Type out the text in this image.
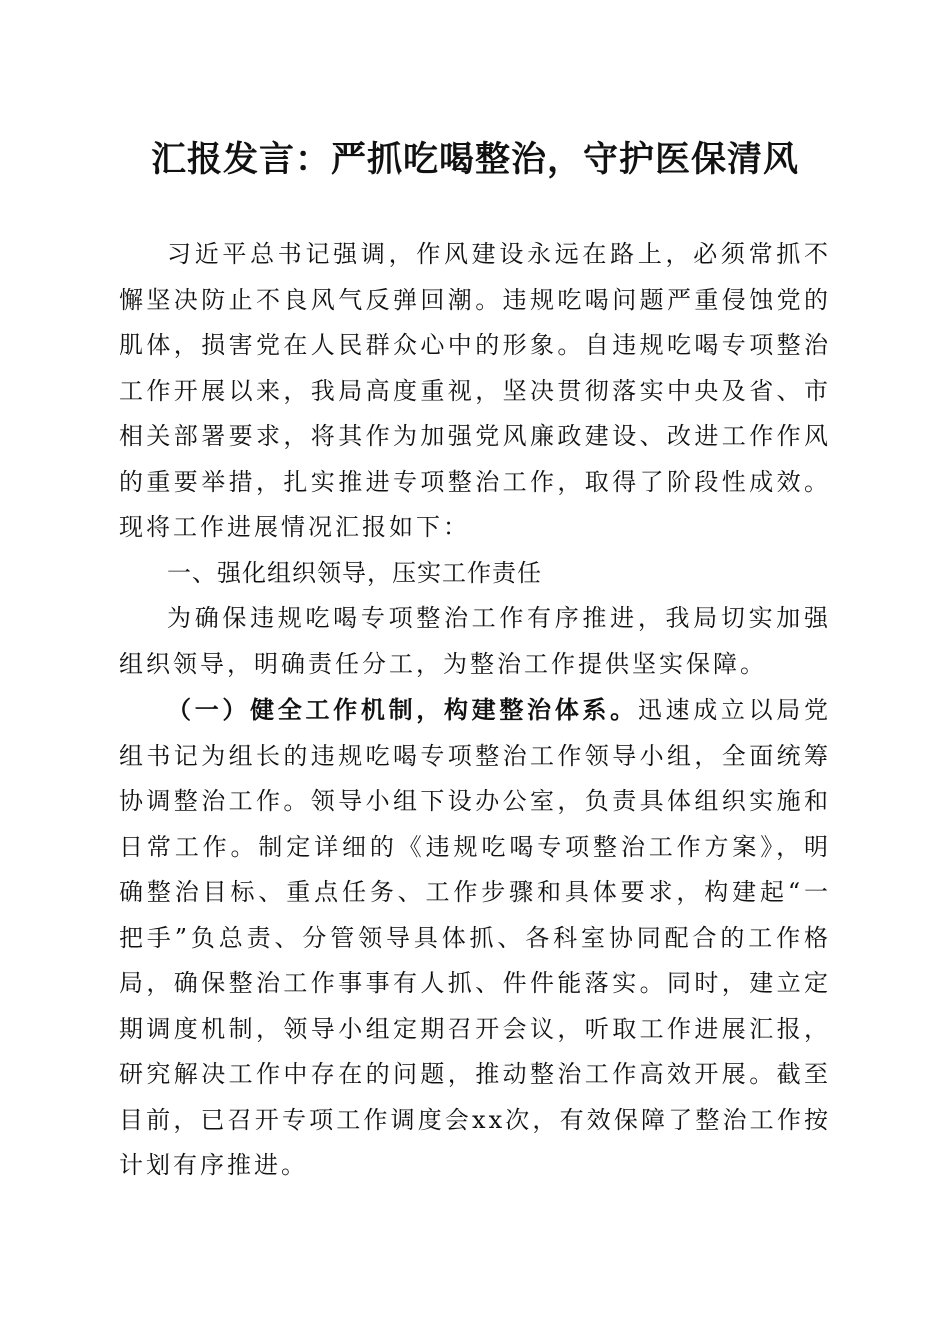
汇报发言：严抓吃喝整治，守护医保清风

习近平总书记强调，作风建设永远在路上，必须常抓不懈坚决防止不良风气反弹回潮。违规吃喝问题严重侵蚀党的肌体，损害党在人民群众心中的形象。自违规吃喝专项整治工作开展以来，我局高度重视，坚决贯彻落实中央及省、市相关部署要求，将其作为加强党风廉政建设、改进工作作风的重要举措，扎实推进专项整治工作，取得了阶段性成效。现将工作进展情况汇报如下：

一、强化组织领导，压实工作责任

为确保违规吃喝专项整治工作有序推进，我局切实加强组织领导，明确责任分工，为整治工作提供坚实保障。

（一）健全工作机制，构建整治体系。迅速成立以局党组书记为组长的违规吃喝专项整治工作领导小组，全面统筹协调整治工作。领导小组下设办公室，负责具体组织实施和日常工作。制定详细的《违规吃喝专项整治工作方案》，明确整治目标、重点任务、工作步骤和具体要求，构建起“一把手”负总责、分管领导具体抓、各科室协同配合的工作格局，确保整治工作事事有人抓、件件能落实。同时，建立定期调度机制，领导小组定期召开会议，听取工作进展汇报，研究解决工作中存在的问题，推动整治工作高效开展。截至目前，已召开专项工作调度会xx次，有效保障了整治工作按计划有序推进。
